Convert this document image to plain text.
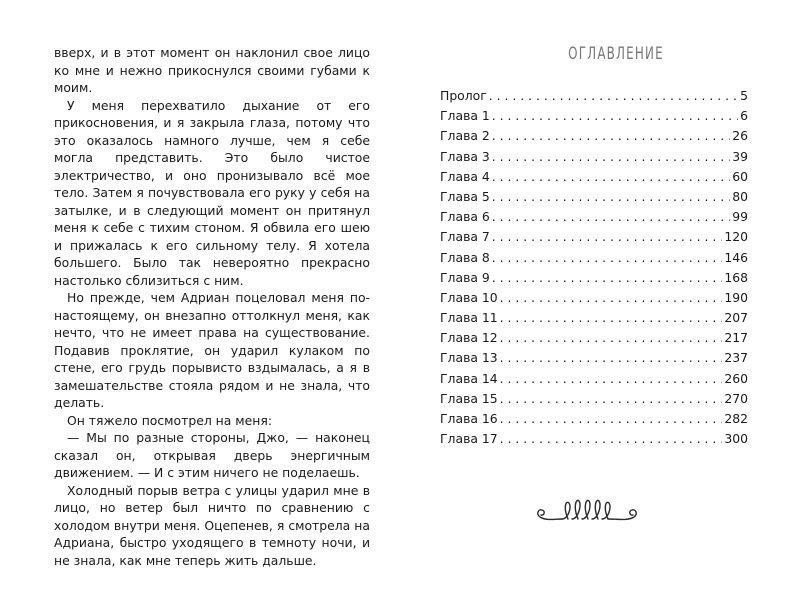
вверх, и в этот момент он наклонил свое лицо ко мне и нежно прикоснулся своими губами к моим.

У меня перехватило дыхание от его прикосновения, и я закрыла глаза, потому что это оказалось намного лучше, чем я себе могла представить. Это было чистое электричество, и оно пронизывало всё мое тело. Затем я почувствовала его руку у себя на затылке, и в следующий момент он притянул меня к себе с тихим стоном. Я обвила его шею и прижалась к его сильному телу. Я хотела большего. Было так невероятно прекрасно настолько сблизиться с ним.

Но прежде, чем Адриан поцеловал меня по-настоящему, он внезапно оттолкнул меня, как нечто, что не имеет права на существование. Подавив проклятие, он ударил кулаком по стене, его грудь порывисто вздымалась, а я в замешательстве стояла рядом и не знала, что делать.

Он тяжело посмотрел на меня:

— Мы по разные стороны, Джо, — наконец сказал он, открывая дверь энергичным движением. — И с этим ничего не поделаешь.

Холодный порыв ветра с улицы ударил мне в лицо, но ветер был ничто по сравнению с холодом внутри меня. Оцепенев, я смотрела на Адриана, быстро уходящего в темноту ночи, и не знала, как мне теперь жить дальше.

ОГЛАВЛЕНИЕ
Пролог . . .	5
Глава 1 . . .	6
Глава 2 . . .	26
Глава 3 . . .	39
Глава 4 . . .	60
Глава 5 . . .	80
Глава 6 . . .	99
Глава 7 . . .	120
Глава 8 . . .	146
Глава 9 . . .	168
Глава 10 . . .	190
Глава 11 . . .	207
Глава 12 . . .	217
Глава 13 . . .	237
Глава 14 . . .	260
Глава 15 . . .	270
Глава 16 . . .	282
Глава 17 . . .	300
